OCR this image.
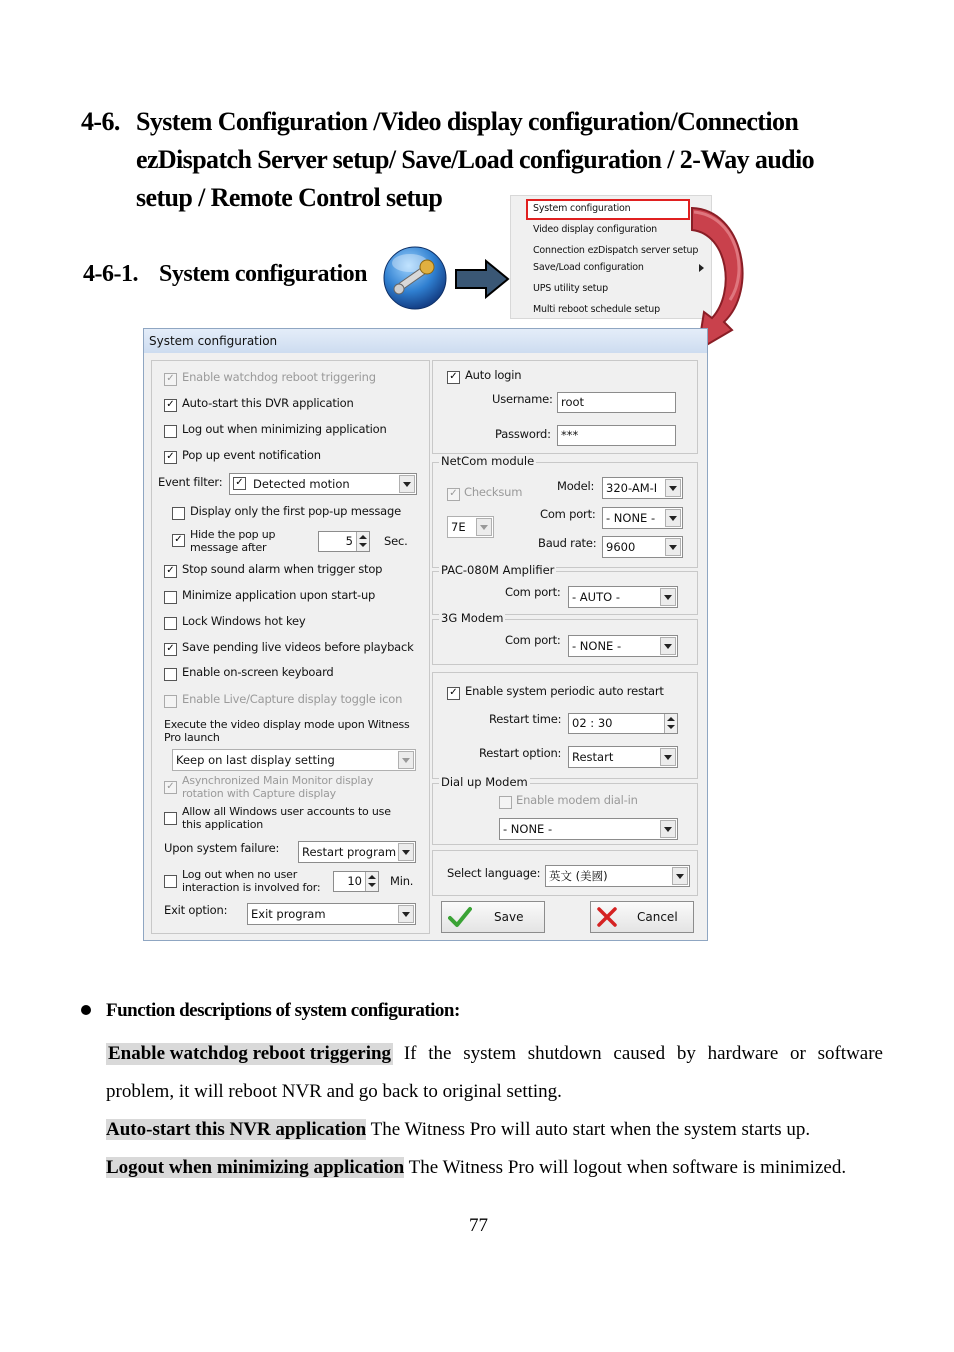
4-6. System Configuration /Video display configuration/Connection
ezDispatch Server setup/ Save/Load configuration / 2-Way audio
setup / Remote Control setup
4-6-1. System configuration
System configuration
Video display configuration
Connection ezDispatch server setup
Save/Load configuration
UPS utility setup
Multi reboot schedule setup
System configuration
✓ Enable watchdog reboot triggering
✓ Auto-start this DVR application
Log out when minimizing application
✓ Pop up event notification
Event filter: ✓ Detected motion
Display only the first pop-up message
✓ Hide the pop up message after	5	Sec.
✓ Stop sound alarm when trigger stop
Minimize application upon start-up
Lock Windows hot key
✓ Save pending live videos before playback
Enable on-screen keyboard
Enable Live/Capture display toggle icon
Execute the video display mode upon Witness Pro launch
Keep on last display setting
✓ Asynchronized Main Monitor display rotation with Capture display
Allow all Windows user accounts to use this application
Upon system failure:	Restart program
Log out when no user interaction is involved for:	10	Min.
Exit option:	Exit program
✓ Auto login
Username: root
Password: ***
NetCom module
✓ Checksum
7E
Model:	320-AM-I
Com port: - NONE -
Baud rate: 9600
PAC-080M Amplifier
Com port: - AUTO -
3G Modem
Com port: - NONE -
✓ Enable system periodic auto restart
Restart time: 02 : 30
Restart option: Restart
Dial up Modem
Enable modem dial-in
- NONE -
Select language: 英文 (美國)
Save	Cancel
Function descriptions of system configuration:
Enable watchdog reboot triggering If the system shutdown caused by hardware or software
problem, it will reboot NVR and go back to original setting.
Auto-start this NVR application The Witness Pro will auto start when the system starts up.
Logout when minimizing application The Witness Pro will logout when software is minimized.
77
